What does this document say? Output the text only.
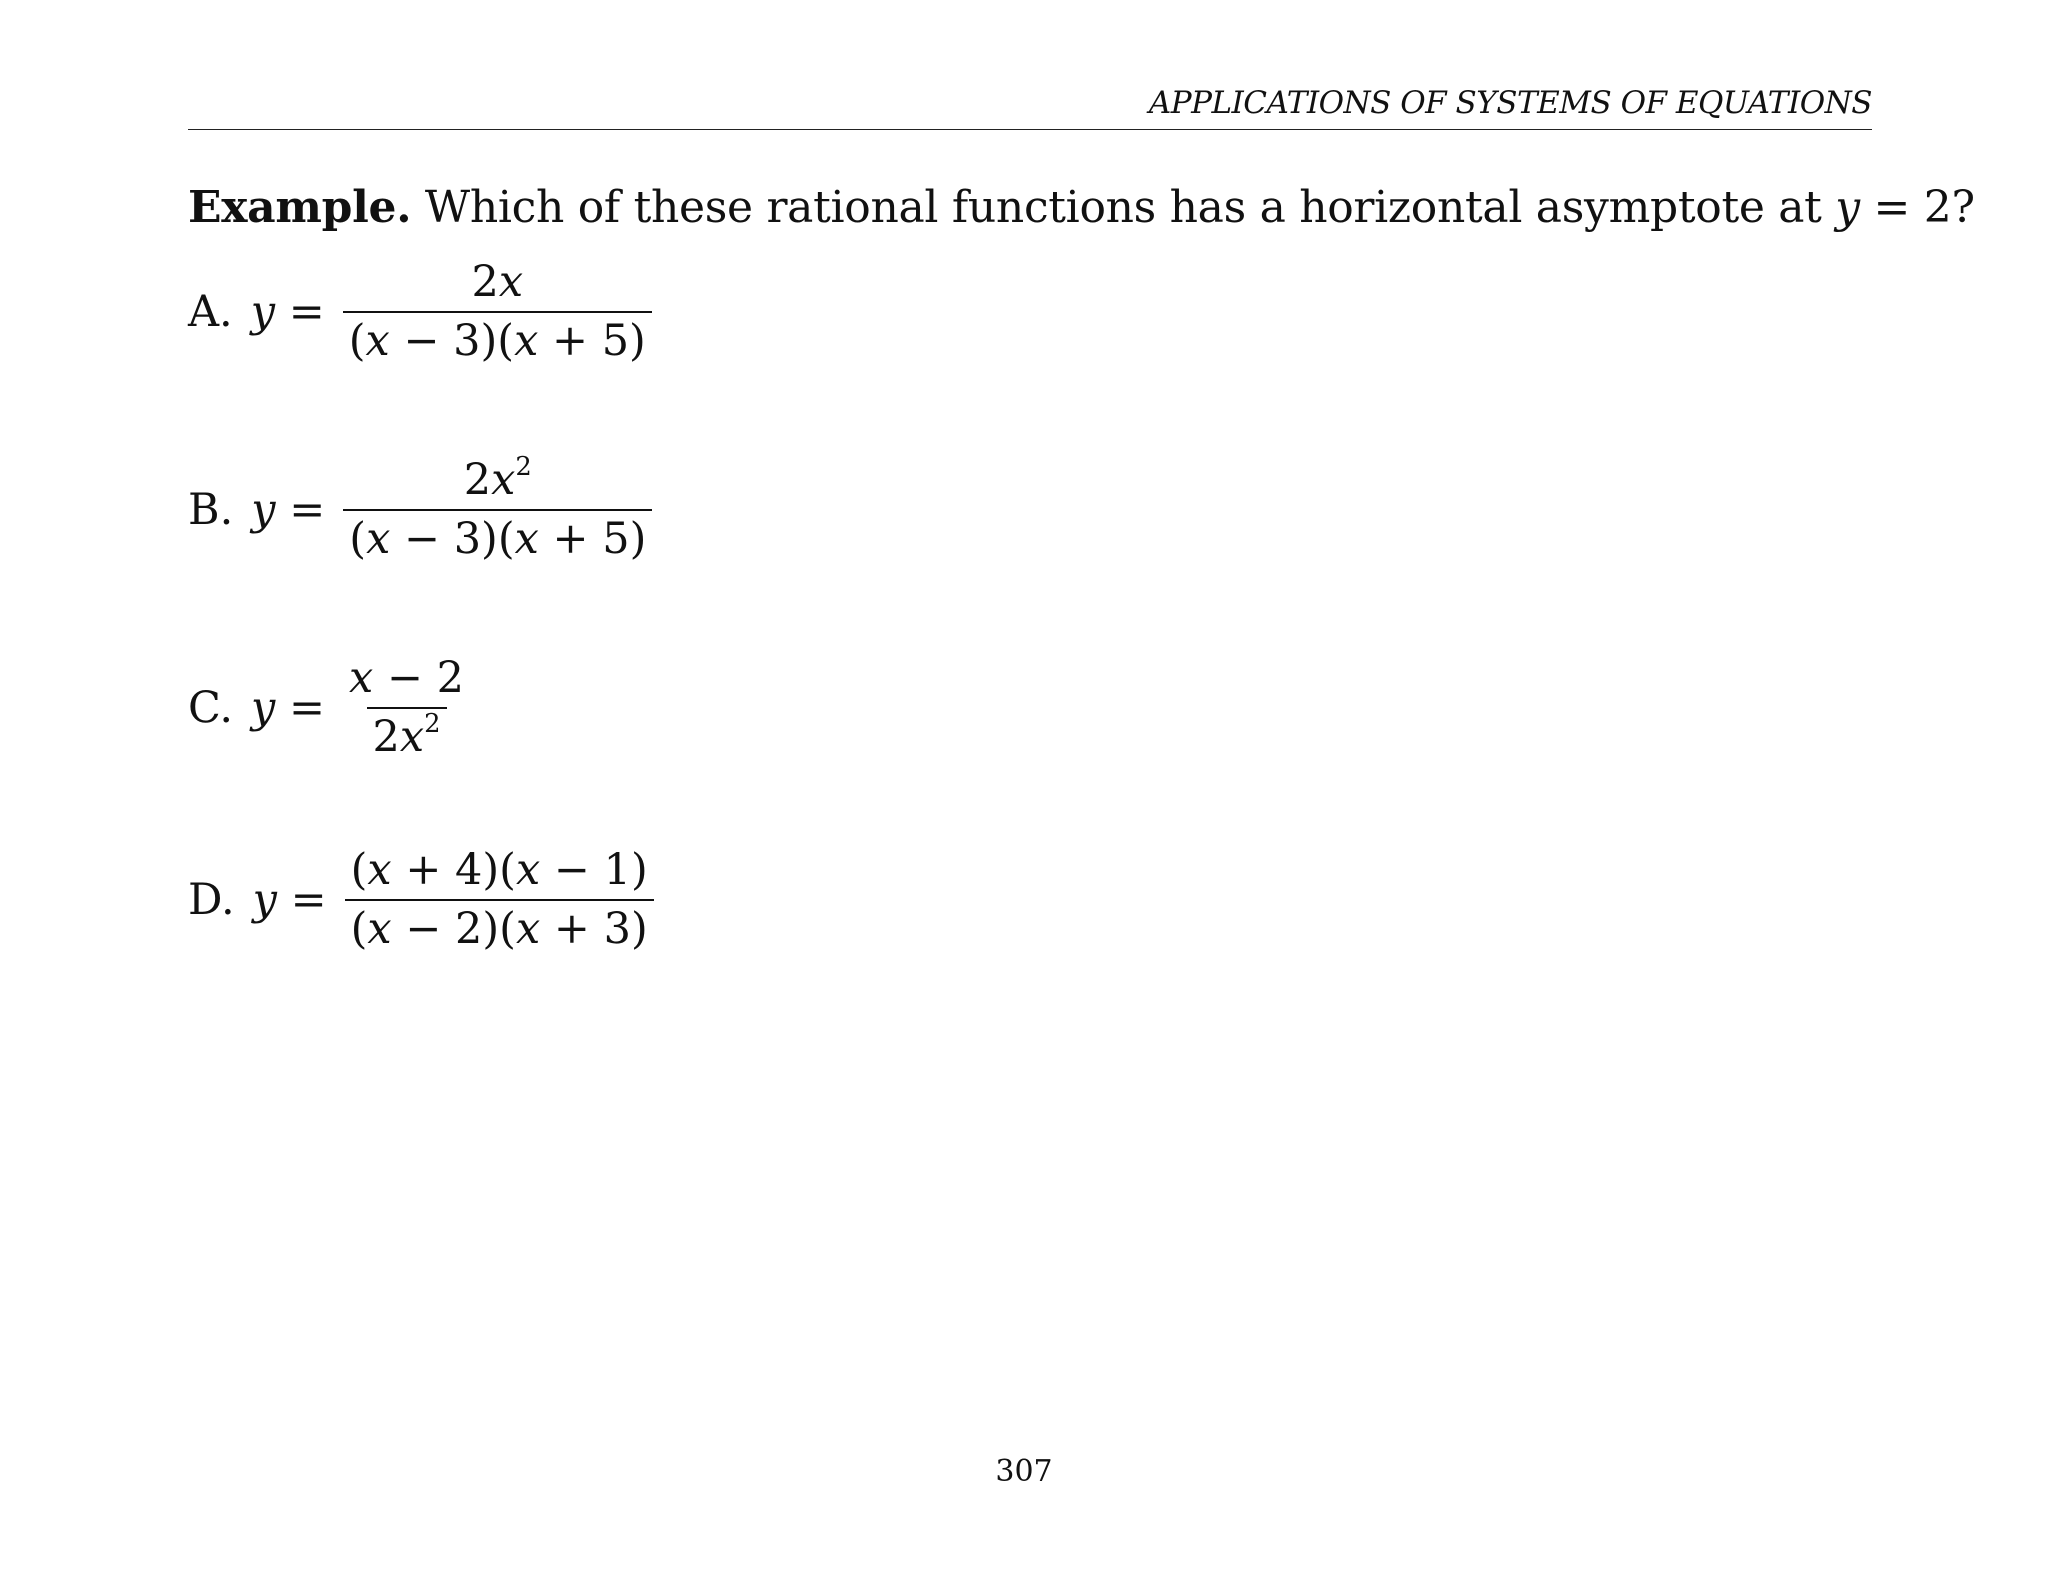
APPLICATIONS OF SYSTEMS OF EQUATIONS
Example. Which of these rational functions has a horizontal asymptote at y = 2?
A. $y = \frac{2x}{(x - 3)(x + 5)}$
B. $y = \frac{2x^2}{(x - 3)(x + 5)}$
C. $y = \frac{x - 2}{2x^2}$
D. $y = \frac{(x + 4)(x - 1)}{(x - 2)(x + 3)}$
307
